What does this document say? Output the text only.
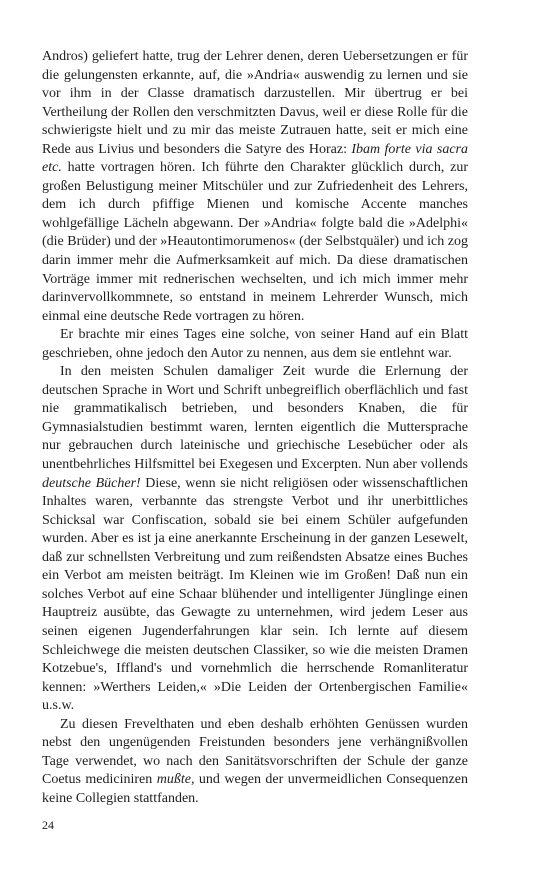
Andros) geliefert hatte, trug der Lehrer denen, deren Uebersetzungen er für die gelungensten erkannte, auf, die »Andria« auswendig zu lernen und sie vor ihm in der Classe dramatisch darzustellen. Mir übertrug er bei Vertheilung der Rollen den verschmitzten Davus, weil er diese Rolle für die schwierigste hielt und zu mir das meiste Zutrauen hatte, seit er mich eine Rede aus Livius und besonders die Satyre des Horaz: Ibam forte via sacra etc. hatte vortragen hören. Ich führte den Charakter glücklich durch, zur großen Belustigung meiner Mitschüler und zur Zufriedenheit des Lehrers, dem ich durch pfiffige Mienen und komische Accente manches wohlgefällige Lächeln abgewann. Der »Andria« folgte bald die »Adelphi« (die Brüder) und der »Heautontimorumenos« (der Selbstquäler) und ich zog darin immer mehr die Aufmerksamkeit auf mich. Da diese dramatischen Vorträge immer mit rednerischen wechselten, und ich mich immer mehr darinvervollkommnete, so entstand in meinem Lehrerder Wunsch, mich einmal eine deutsche Rede vortragen zu hören.

Er brachte mir eines Tages eine solche, von seiner Hand auf ein Blatt geschrieben, ohne jedoch den Autor zu nennen, aus dem sie entlehnt war.

In den meisten Schulen damaliger Zeit wurde die Erlernung der deutschen Sprache in Wort und Schrift unbegreiflich oberflächlich und fast nie grammatikalisch betrieben, und besonders Knaben, die für Gymnasialstudien bestimmt waren, lernten eigentlich die Muttersprache nur gebrauchen durch lateinische und griechische Lesebücher oder als unentbehrliches Hilfsmittel bei Exegesen und Excerpten. Nun aber vollends deutsche Bücher! Diese, wenn sie nicht religiösen oder wissenschaftlichen Inhaltes waren, verbannte das strengste Verbot und ihr unerbittliches Schicksal war Confiscation, sobald sie bei einem Schüler aufgefunden wurden. Aber es ist ja eine anerkannte Erscheinung in der ganzen Lesewelt, daß zur schnellsten Verbreitung und zum reißendsten Absatze eines Buches ein Verbot am meisten beiträgt. Im Kleinen wie im Großen! Daß nun ein solches Verbot auf eine Schaar blühender und intelligenter Jünglinge einen Hauptreiz ausübte, das Gewagte zu unternehmen, wird jedem Leser aus seinen eigenen Jugenderfahrungen klar sein. Ich lernte auf diesem Schleichwege die meisten deutschen Classiker, so wie die meisten Dramen Kotzebue's, Iffland's und vornehmlich die herrschende Romanliteratur kennen: »Werthers Leiden,« »Die Leiden der Ortenbergischen Familie« u.s.w.

Zu diesen Frevelthaten und eben deshalb erhöhten Genüssen wurden nebst den ungenügenden Freistunden besonders jene verhängnißvollen Tage verwendet, wo nach den Sanitätsvorschriften der Schule der ganze Coetus mediciniren mußte, und wegen der unvermeidlichen Consequenzen keine Collegien stattfanden.

24
